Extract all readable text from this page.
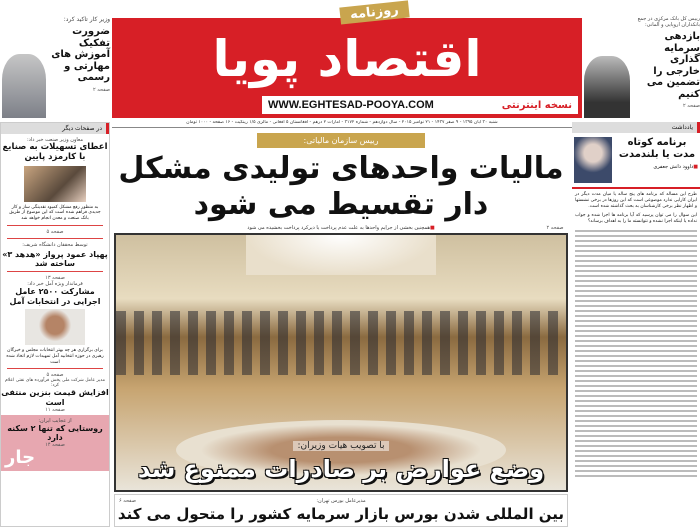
وزیر کار تاکید کرد:
ضرورت تفکیک آموزش های مهارتی و رسمی
صفحه ۲
روزنامه
اقتصاد پویا
نسخه اینترنتی
WWW.EGHTESAD-POOYA.COM
رییس کل بانک مرکزی در جمع بانکداران اروپایی و آلمانی:
بازدهی سرمایه گذاری خارجی را تضمین می کنیم
صفحه ۲
شنبه ۳۰ آبان ۱۳۹۵ - ۹ صفر ۱۴۳۷ - ۲۱ نوامبر ۲۰۱۵ - سال دوازدهم - شماره ۳۱۷۲ - امارات ۲ درهم - افغانستان ۵ افغانی - مالزی ۱/۵ رینگیت - ۱۶ صفحه - ۱۰۰۰ تومان
در صفحات دیگر
معاون وزیر صنعت خبر داد:
اعطای تسهیلات به صنایع با کارمزد پایین
به منظور رفع مشکل کمبود نقدینگی ساز و کار جدیدی فراهم شده است که این موضوع از طریق بانک صنعت و معدن انجام خواهد شد
صفحه ۵
توسط محققان دانشگاه شریف:
پهپاد عمود پرواز «هدهد ۳» ساخته شد
صفحه ۱۳
فرماندار ویژه آمل خبر داد:
مشارکت ۲۵۰۰ عامل اجرایی در انتخابات آمل
برای برگزاری هر چه بهتر انتخابات مجلس و خبرگان رهبری در حوزه انتخابیه آمل تمهیدات لازم اتخاذ شده است
صفحه ۵
مدیر عامل شرکت ملی پخش فرآورده های نفتی اعلام کرد:
افزایش قیمت بنزین منتفی است
صفحه ۱۱
از عجایب ایران:
روستایی که تنها ۲ سکنه دارد
صفحه ۱۴
جار
رییس سازمان مالیاتی:
مالیات واحدهای تولیدی مشکل دار تقسیط می شود
صفحه ۲
■همچنین بخشی از جرایم واحدها به علت عدم پرداخت یا دیرکرد پرداخت بخشیده می شود
با تصویب هیات وزیران:
وضع عوارض بر صادرات ممنوع شد
صفحه ۶	مدیرعامل بورس تهران:
بین المللی شدن بورس بازار سرمایه کشور را متحول می کند
یادداشت
برنامه کوتاه مدت یا بلندمدت
■داوود دانش جعفری
طرح این مساله که برنامه های پنج ساله یا میان مدت دیگر در ایران کارایی ندارد موضوعی است که این روزها در برخی نشستها و اظهار نظر برخی کارشناسان به بحث گذاشته شده است.
این سوال را می توان پرسید که آیا برنامه ها اجرا شده و جواب نداده یا اینکه اجرا نشده و نتوانسته ما را به اهداف برساند؟
